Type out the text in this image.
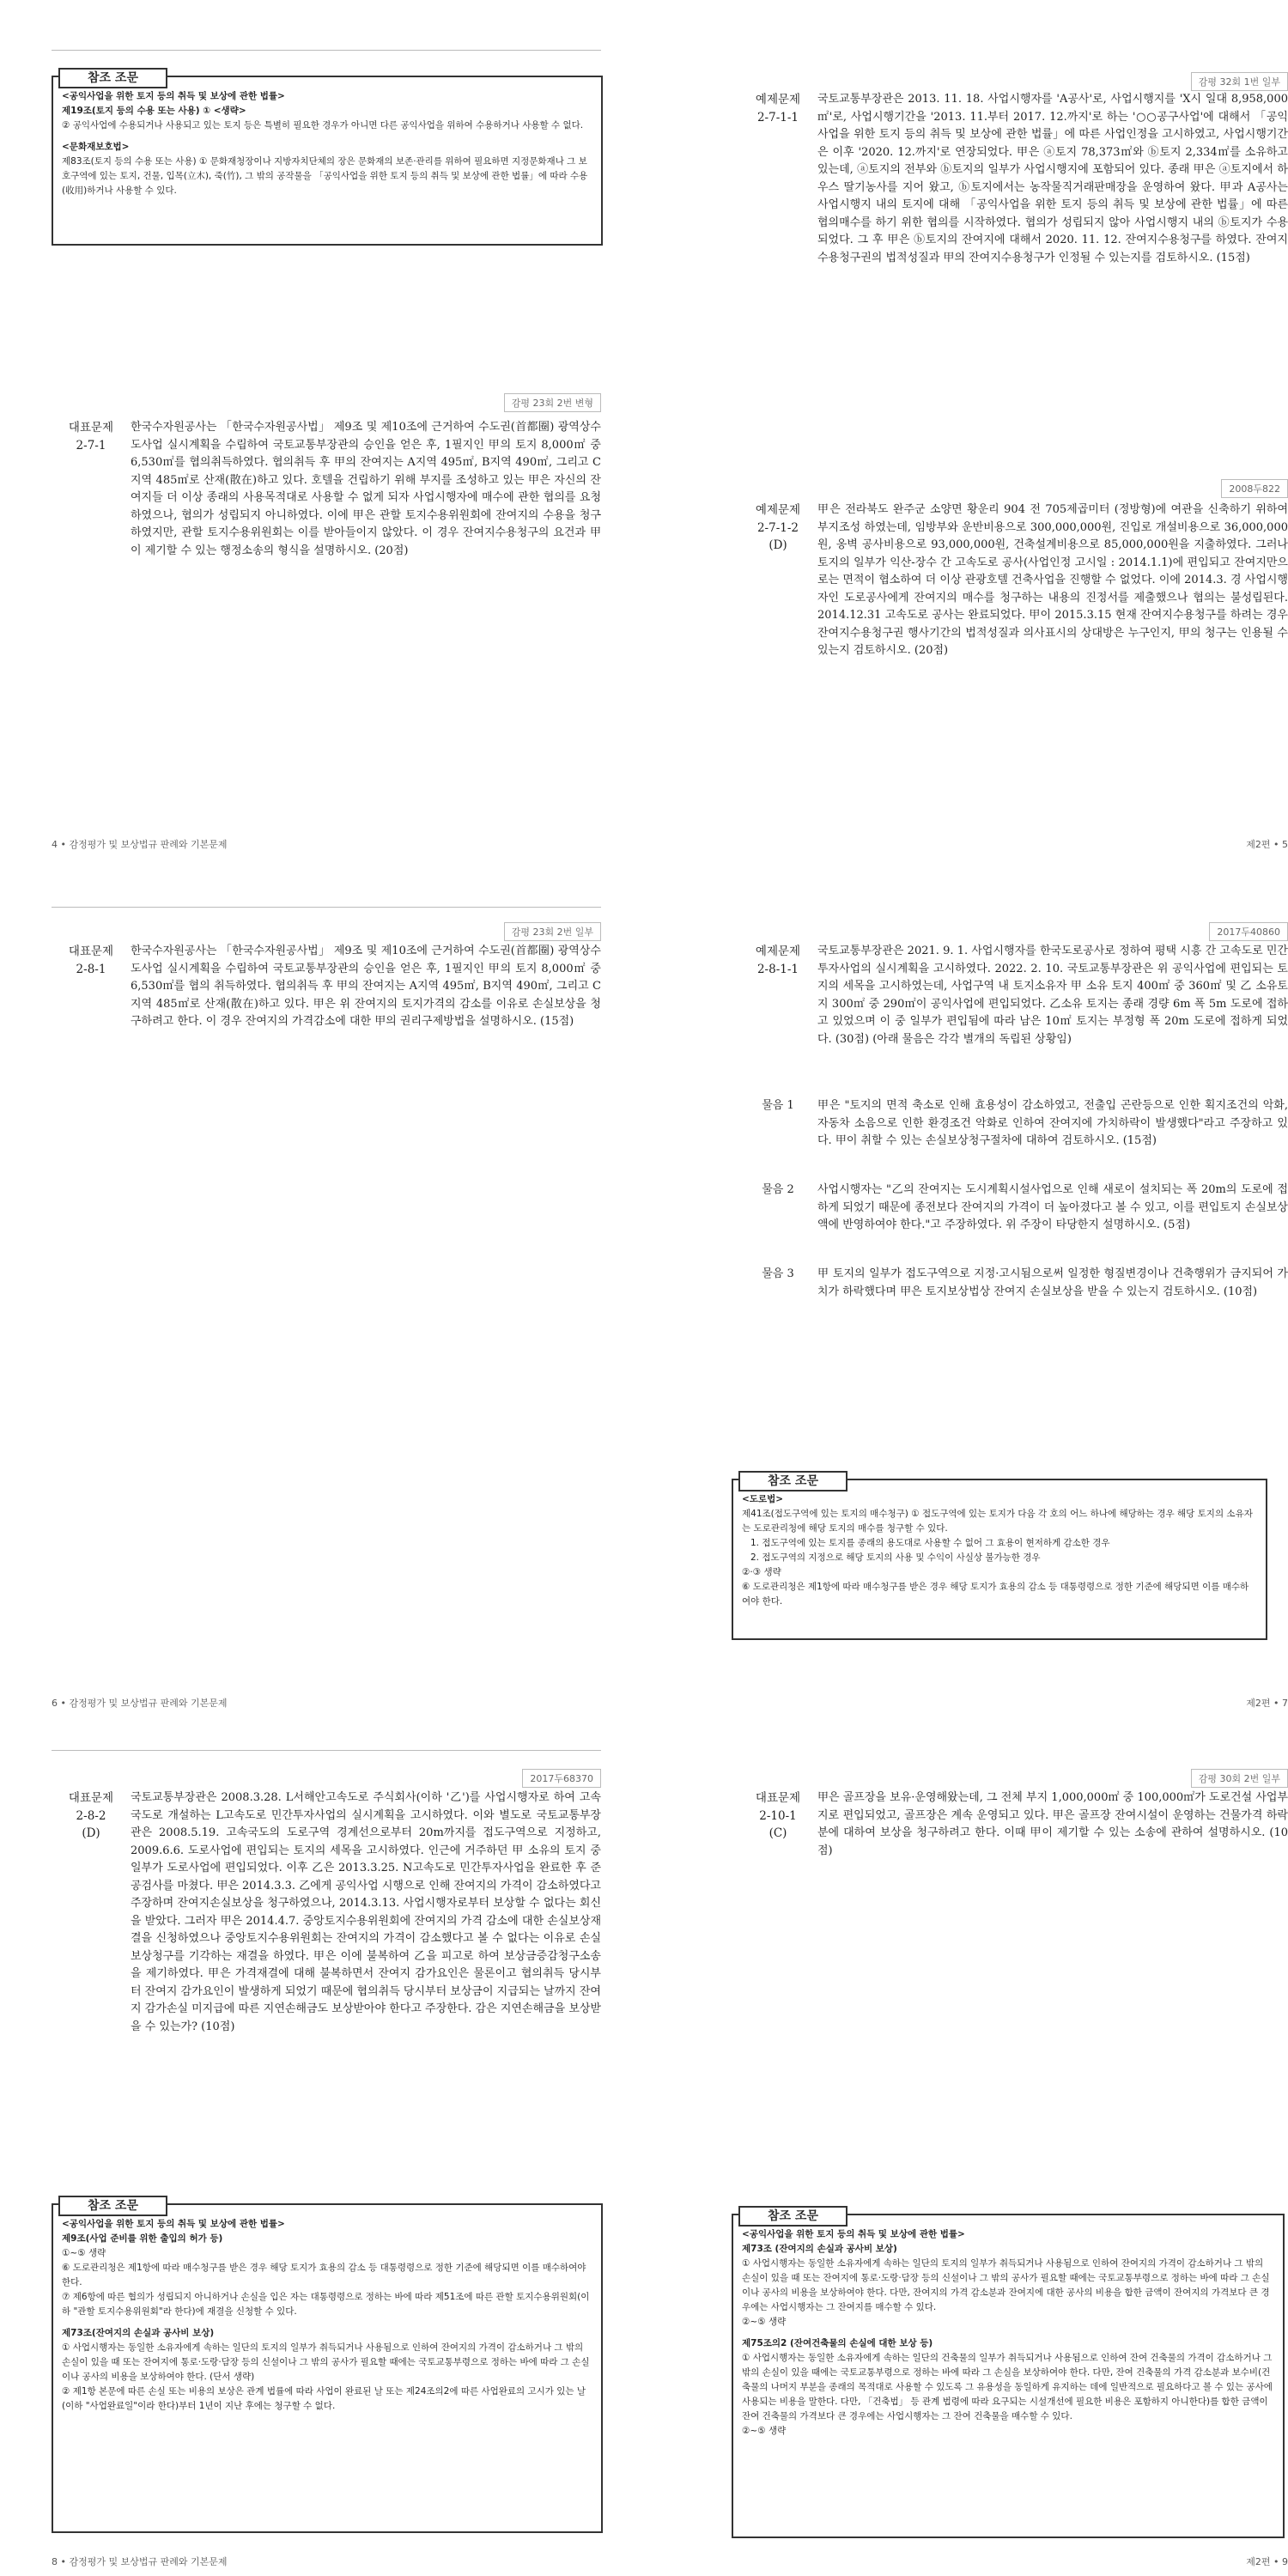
참조 조문

<공익사업을 위한 토지 등의 취득 및 보상에 관한 법률>

제19조(토지 등의 수용 또는 사용) ① <생략>

② 공익사업에 수용되거나 사용되고 있는 토지 등은 특별히 필요한 경우가 아니면 다른 공익사업을 위하여 수용하거나 사용할 수 없다.

<문화재보호법>

제83조(토지 등의 수용 또는 사용) ① 문화재청장이나 지방자치단체의 장은 문화재의 보존·관리를 위하여 필요하면 지정문화재나 그 보호구역에 있는 토지, 건물, 입목(立木), 죽(竹), 그 밖의 공작물을 「공익사업을 위한 토지 등의 취득 및 보상에 관한 법률」에 따라 수용(收用)하거나 사용할 수 있다.

감평 23회 2번 변형
대표문제
2-7-1
한국수자원공사는 「한국수자원공사법」 제9조 및 제10조에 근거하여 수도권(首都圈) 광역상수도사업 실시계획을 수립하여 국토교통부장관의 승인을 얻은 후, 1필지인 甲의 토지 8,000㎡ 중 6,530㎡를 협의취득하였다. 협의취득 후 甲의 잔여지는 A지역 495㎡, B지역 490㎡, 그리고 C지역 485㎡로 산재(散在)하고 있다. 호텔을 건립하기 위해 부지를 조성하고 있는 甲은 자신의 잔여지들 더 이상 종래의 사용목적대로 사용할 수 없게 되자 사업시행자에 매수에 관한 협의를 요청하였으나, 협의가 성립되지 아니하였다. 이에 甲은 관할 토지수용위원회에 잔여지의 수용을 청구하였지만, 관할 토지수용위원회는 이를 받아들이지 않았다. 이 경우 잔여지수용청구의 요건과 甲이 제기할 수 있는 행정소송의 형식을 설명하시오. (20점)
4 • 감정평가 및 보상법규 판례와 기본문제
감평 32회 1번 일부
예제문제
2-7-1-1
국토교통부장관은 2013. 11. 18. 사업시행자를 'A공사'로, 사업시행지를 'X시 일대 8,958,000㎡'로, 사업시행기간을 '2013. 11.부터 2017. 12.까지'로 하는 '○○공구사업'에 대해서 「공익사업을 위한 토지 등의 취득 및 보상에 관한 법률」에 따른 사업인정을 고시하였고, 사업시행기간은 이후 '2020. 12.까지'로 연장되었다. 甲은 ⓐ토지 78,373㎡와 ⓑ토지 2,334㎡를 소유하고 있는데, ⓐ토지의 전부와 ⓑ토지의 일부가 사업시행지에 포함되어 있다. 종래 甲은 ⓐ토지에서 하우스 딸기농사를 지어 왔고, ⓑ토지에서는 농작물직거래판매장을 운영하여 왔다. 甲과 A공사는 사업시행지 내의 토지에 대해 「공익사업을 위한 토지 등의 취득 및 보상에 관한 법률」에 따른 협의매수를 하기 위한 협의를 시작하였다. 협의가 성립되지 않아 사업시행지 내의 ⓑ토지가 수용되었다. 그 후 甲은 ⓑ토지의 잔여지에 대해서 2020. 11. 12. 잔여지수용청구를 하였다. 잔여지수용청구권의 법적성질과 甲의 잔여지수용청구가 인정될 수 있는지를 검토하시오. (15점)
2008두822
예제문제
2-7-1-2
(D)
甲은 전라북도 완주군 소양면 황운리 904 전 705제곱미터 (정방형)에 여관을 신축하기 위하여 부지조성 하였는데, 임방부와 운반비용으로 300,000,000원, 진입로 개설비용으로 36,000,000원, 옹벽 공사비용으로 93,000,000원, 건축설계비용으로 85,000,000원을 지출하였다. 그러나 토지의 일부가 익산-장수 간 고속도로 공사(사업인정 고시일 : 2014.1.1)에 편입되고 잔여지만으로는 면적이 협소하여 더 이상 관광호텔 건축사업을 진행할 수 없었다. 이에 2014.3. 경 사업시행자인 도로공사에게 잔여지의 매수를 청구하는 내용의 진정서를 제출했으나 협의는 불성립된다. 2014.12.31 고속도로 공사는 완료되었다. 甲이 2015.3.15 현재 잔여지수용청구를 하려는 경우 잔여지수용청구권 행사기간의 법적성질과 의사표시의 상대방은 누구인지, 甲의 청구는 인용될 수 있는지 검토하시오. (20점)
제2편 • 5
감평 23회 2번 일부
대표문제
2-8-1
한국수자원공사는 「한국수자원공사법」 제9조 및 제10조에 근거하여 수도권(首都圈) 광역상수도사업 실시계획을 수립하여 국토교통부장관의 승인을 얻은 후, 1필지인 甲의 토지 8,000㎡ 중 6,530㎡를 협의 취득하였다. 협의취득 후 甲의 잔여지는 A지역 495㎡, B지역 490㎡, 그리고 C지역 485㎡로 산재(散在)하고 있다. 甲은 위 잔여지의 토지가격의 감소를 이유로 손실보상을 청구하려고 한다. 이 경우 잔여지의 가격감소에 대한 甲의 권리구제방법을 설명하시오. (15점)
6 • 감정평가 및 보상법규 판례와 기본문제
2017두40860
예제문제
2-8-1-1
국토교통부장관은 2021. 9. 1. 사업시행자를 한국도로공사로 정하여 평택 시흥 간 고속도로 민간투자사업의 실시계획을 고시하였다. 2022. 2. 10. 국토교통부장관은 위 공익사업에 편입되는 토지의 세목을 고시하였는데, 사업구역 내 토지소유자 甲 소유 토지 400㎡ 중 360㎡ 및 乙 소유토지 300㎡ 중 290㎡이 공익사업에 편입되었다. 乙소유 토지는 종래 경량 6m 폭 5m 도로에 접하고 있었으며 이 중 일부가 편입됨에 따라 남은 10㎡ 토지는 부정형 폭 20m 도로에 접하게 되었다. (30점) (아래 물음은 각각 별개의 독립된 상황임)
물음 1	甲은 "토지의 면적 축소로 인해 효용성이 감소하였고, 전출입 곤란등으로 인한 획지조건의 악화, 자동차 소음으로 인한 환경조건 악화로 인하여 잔여지에 가치하락이 발생했다"라고 주장하고 있다. 甲이 취할 수 있는 손실보상청구절차에 대하여 검토하시오. (15점)
물음 2	사업시행자는 "乙의 잔여지는 도시계획시설사업으로 인해 새로이 설치되는 폭 20m의 도로에 접하게 되었기 때문에 종전보다 잔여지의 가격이 더 높아졌다고 볼 수 있고, 이를 편입토지 손실보상액에 반영하여야 한다."고 주장하였다. 위 주장이 타당한지 설명하시오. (5점)
물음 3	甲 토지의 일부가 접도구역으로 지정·고시됨으로써 일정한 형질변경이나 건축행위가 금지되어 가치가 하락했다며 甲은 토지보상법상 잔여지 손실보상을 받을 수 있는지 검토하시오. (10점)
참조 조문

<도로법>

제41조(접도구역에 있는 토지의 매수청구) ① 접도구역에 있는 토지가 다음 각 호의 어느 하나에 해당하는 경우 해당 토지의 소유자는 도로관리청에 해당 토지의 매수를 청구할 수 있다.

1. 접도구역에 있는 토지를 종래의 용도대로 사용할 수 없어 그 효용이 현저하게 감소한 경우

2. 접도구역의 지정으로 해당 토지의 사용 및 수익이 사실상 불가능한 경우

②·③ 생략

⑥ 도로관리청은 제1항에 따라 매수청구를 받은 경우 해당 토지가 효용의 감소 등 대통령령으로 정한 기준에 해당되면 이를 매수하여야 한다.

제2편 • 7
2017두68370
대표문제
2-8-2
(D)
국토교통부장관은 2008.3.28. L서해안고속도로 주식회사(이하 '乙')를 사업시행자로 하여 고속국도로 개설하는 L고속도로 민간투자사업의 실시계획을 고시하였다. 이와 별도로 국토교통부장관은 2008.5.19. 고속국도의 도로구역 경계선으로부터 20m까지를 접도구역으로 지정하고, 2009.6.6. 도로사업에 편입되는 토지의 세목을 고시하였다. 인근에 거주하던 甲 소유의 토지 중 일부가 도로사업에 편입되었다. 이후 乙은 2013.3.25. N고속도로 민간투자사업을 완료한 후 준공검사를 마쳤다. 甲은 2014.3.3. 乙에게 공익사업 시행으로 인해 잔여지의 가격이 감소하였다고 주장하며 잔여지손실보상을 청구하였으나, 2014.3.13. 사업시행자로부터 보상할 수 없다는 회신을 받았다. 그러자 甲은 2014.4.7. 중앙토지수용위원회에 잔여지의 가격 감소에 대한 손실보상재결을 신청하였으나 중앙토지수용위원회는 잔여지의 가격이 감소했다고 볼 수 없다는 이유로 손실보상청구를 기각하는 재결을 하였다. 甲은 이에 불복하여 乙을 피고로 하여 보상금증감청구소송을 제기하였다. 甲은 가격재결에 대해 불복하면서 잔여지 감가요인은 물론이고 협의취득 당시부터 잔여지 감가요인이 발생하게 되었기 때문에 협의취득 당시부터 보상금이 지급되는 날까지 잔여지 감가손실 미지급에 따른 지연손해금도 보상받아야 한다고 주장한다. 감은 지연손해금을 보상받을 수 있는가? (10점)
참조 조문

<공익사업을 위한 토지 등의 취득 및 보상에 관한 법률>

제9조(사업 준비를 위한 출입의 허가 등)

①~⑤ 생략

⑥ 도로관리청은 제1항에 따라 매수청구를 받은 경우 해당 토지가 효용의 감소 등 대통령령으로 정한 기준에 해당되면 이를 매수하여야 한다.

⑦ 제6항에 따른 협의가 성립되지 아니하거나 손실을 입은 자는 대통령령으로 정하는 바에 따라 제51조에 따른 관할 토지수용위원회(이하 "관할 토지수용위원회"라 한다)에 재결을 신청할 수 있다.

제73조(잔여지의 손실과 공사비 보상)

① 사업시행자는 동일한 소유자에게 속하는 일단의 토지의 일부가 취득되거나 사용됨으로 인하여 잔여지의 가격이 감소하거나 그 밖의 손실이 있을 때 또는 잔여지에 통로·도랑·담장 등의 신설이나 그 밖의 공사가 필요할 때에는 국토교통부령으로 정하는 바에 따라 그 손실이나 공사의 비용을 보상하여야 한다. (단서 생략)

② 제1항 본문에 따른 손실 또는 비용의 보상은 관계 법률에 따라 사업이 완료된 날 또는 제24조의2에 따른 사업완료의 고시가 있는 날(이하 "사업완료일"이라 한다)부터 1년이 지난 후에는 청구할 수 없다.

8 • 감정평가 및 보상법규 판례와 기본문제
감평 30회 2번 일부
대표문제
2-10-1
(C)
甲은 골프장을 보유·운영해왔는데, 그 전체 부지 1,000,000㎡ 중 100,000㎡가 도로건설 사업부지로 편입되었고, 골프장은 계속 운영되고 있다. 甲은 골프장 잔여시설이 운영하는 건물가격 하락분에 대하여 보상을 청구하려고 한다. 이때 甲이 제기할 수 있는 소송에 관하여 설명하시오. (10점)
참조 조문

<공익사업을 위한 토지 등의 취득 및 보상에 관한 법률>

제73조 (잔여지의 손실과 공사비 보상)

① 사업시행자는 동일한 소유자에게 속하는 일단의 토지의 일부가 취득되거나 사용됨으로 인하여 잔여지의 가격이 감소하거나 그 밖의 손실이 있을 때 또는 잔여지에 통로·도랑·담장 등의 신설이나 그 밖의 공사가 필요할 때에는 국토교통부령으로 정하는 바에 따라 그 손실이나 공사의 비용을 보상하여야 한다. 다만, 잔여지의 가격 감소분과 잔여지에 대한 공사의 비용을 합한 금액이 잔여지의 가격보다 큰 경우에는 사업시행자는 그 잔여지를 매수할 수 있다.

②~⑤ 생략

제75조의2 (잔여건축물의 손실에 대한 보상 등)

① 사업시행자는 동일한 소유자에게 속하는 일단의 건축물의 일부가 취득되거나 사용됨으로 인하여 잔여 건축물의 가격이 감소하거나 그 밖의 손실이 있을 때에는 국토교통부령으로 정하는 바에 따라 그 손실을 보상하여야 한다. 다만, 잔여 건축물의 가격 감소분과 보수비(건축물의 나머지 부분을 종래의 목적대로 사용할 수 있도록 그 유용성을 동일하게 유지하는 데에 일반적으로 필요하다고 볼 수 있는 공사에 사용되는 비용을 말한다. 다만, 「건축법」 등 관계 법령에 따라 요구되는 시설개선에 필요한 비용은 포함하지 아니한다)를 합한 금액이 잔여 건축물의 가격보다 큰 경우에는 사업시행자는 그 잔여 건축물을 매수할 수 있다.

②~⑤ 생략

제2편 • 9
